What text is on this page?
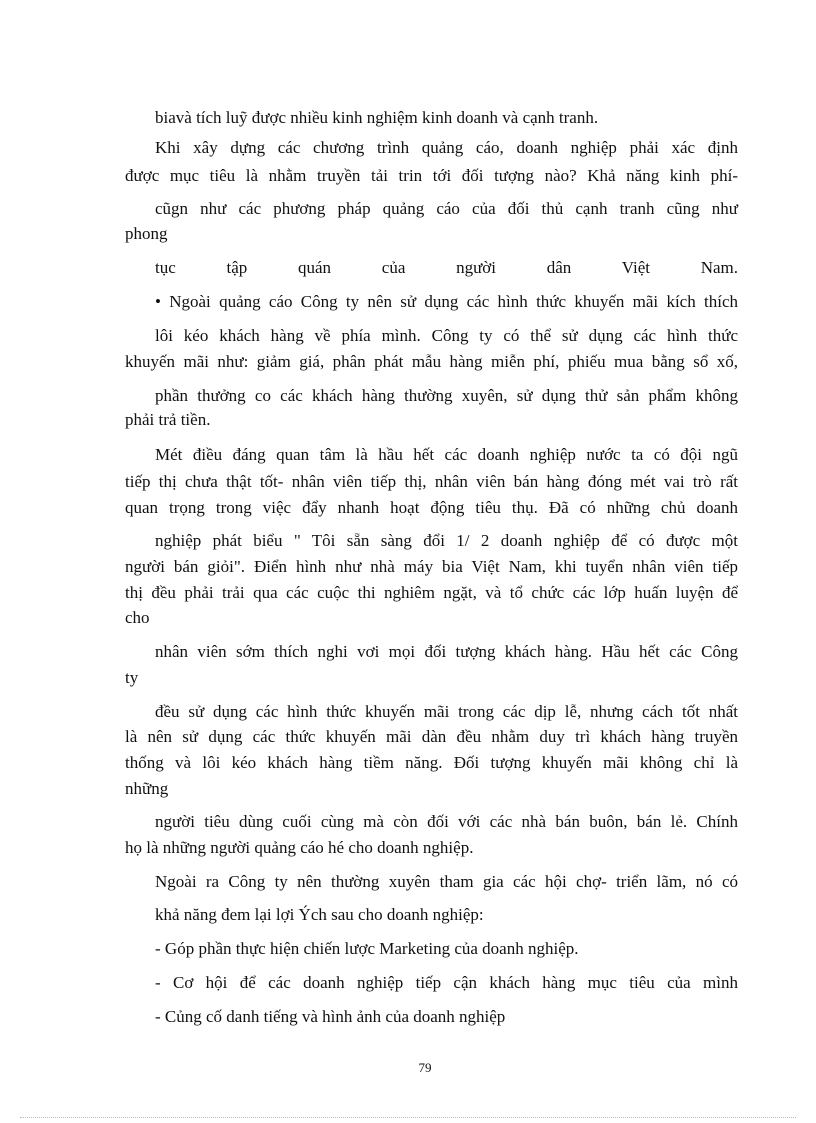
biavà tích luỹ được nhiều kinh nghiệm kinh doanh và cạnh tranh.
Khi xây dựng các chương trình quảng cáo, doanh nghiệp phải xác định
được mục tiêu là nhằm truyền tải trin tới đối tượng nào? Khả năng kinh phí-
cũgn như các phương pháp quảng cáo của đối thủ cạnh tranh cũng như
phong
tục tập quán của người dân Việt Nam.
• Ngoài quảng cáo Công ty nên sử dụng các hình thức khuyến mãi kích thích
lôi kéo khách hàng về phía mình. Công ty có thể sử dụng các hình thức
khuyến mãi như: giảm giá, phân phát mẫu hàng miễn phí, phiếu mua bằng sổ xố,
phần thưởng co các khách hàng thường xuyên, sử dụng thử sản phẩm không
phải trả tiền.
Mét điều đáng quan tâm là hầu hết các doanh nghiệp nước ta có đội ngũ
tiếp thị chưa thật tốt- nhân viên tiếp thị, nhân viên bán hàng đóng mét vai trò rất
quan trọng trong việc đẩy nhanh hoạt động tiêu thụ. Đã có những chủ doanh
nghiệp phát biểu " Tôi sẵn sàng đổi 1/ 2 doanh nghiệp để có được một
người bán giỏi". Điển hình như nhà máy bia Việt Nam, khi tuyển nhân viên tiếp
thị đều phải trải qua các cuộc thi nghiêm ngặt, và tổ chức các lớp huấn luyện để
cho
nhân viên sớm thích nghi vơi mọi đối tượng khách hàng. Hầu hết các Công
ty
đều sử dụng các hình thức khuyến mãi trong các dịp lễ, nhưng cách tốt nhất
là nên sử dụng các thức khuyến mãi dàn đều nhằm duy trì khách hàng truyền
thống và lôi kéo khách hàng tiềm năng. Đối tượng khuyến mãi không chỉ là
những
người tiêu dùng cuối cùng mà còn đối với các nhà bán buôn, bán lẻ. Chính
họ là những người quảng cáo hé cho doanh nghiệp.
Ngoài ra Công ty nên thường xuyên tham gia các hội chợ- triển lãm, nó có
khả năng đem lại lợi Ých sau cho doanh nghiệp:
- Góp phần thực hiện chiến lược Marketing của doanh nghiệp.
- Cơ hội để các doanh nghiệp tiếp cận khách hàng mục tiêu của mình
- Củng cố danh tiếng và hình ảnh của doanh nghiệp
79
